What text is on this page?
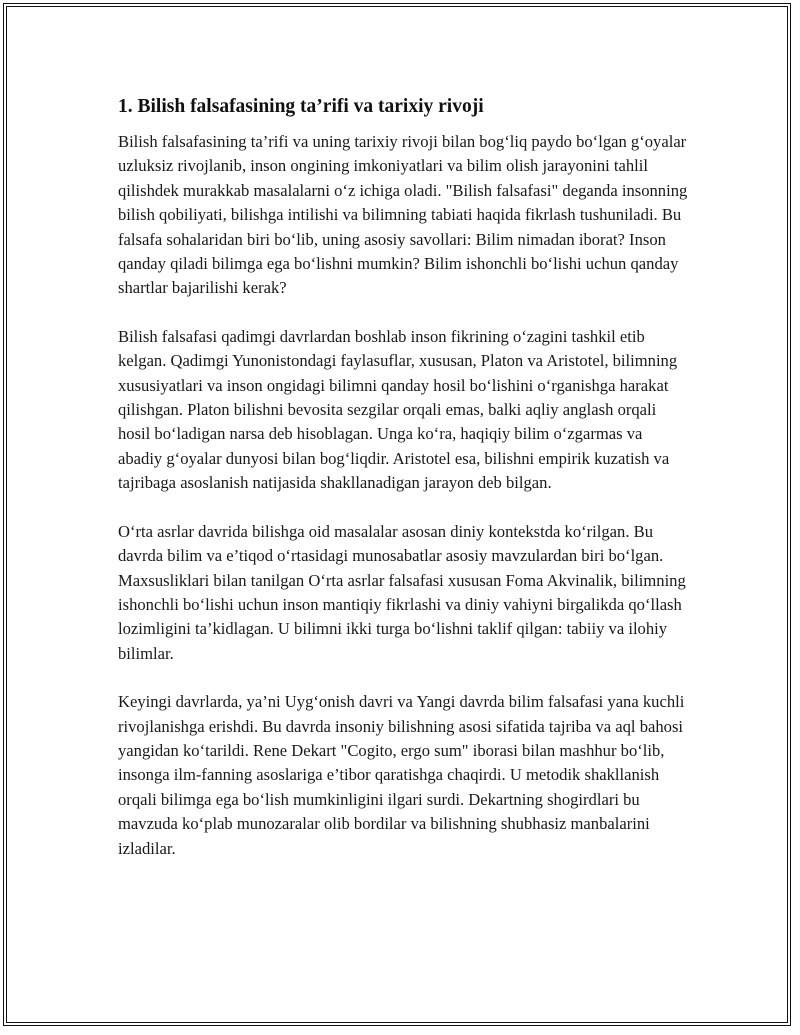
1. Bilish falsafasining ta’rifi va tarixiy rivoji

Bilish falsafasining ta’rifi va uning tarixiy rivoji bilan bog‘liq paydo bo‘lgan g‘oyalar uzluksiz rivojlanib, inson ongining imkoniyatlari va bilim olish jarayonini tahlil qilishdek murakkab masalalarni o‘z ichiga oladi. "Bilish falsafasi" deganda insonning bilish qobiliyati, bilishga intilishi va bilimning tabiati haqida fikrlash tushuniladi. Bu falsafa sohalaridan biri bo‘lib, uning asosiy savollari: Bilim nimadan iborat? Inson qanday qiladi bilimga ega bo‘lishni mumkin? Bilim ishonchli bo‘lishi uchun qanday shartlar bajarilishi kerak?

Bilish falsafasi qadimgi davrlardan boshlab inson fikrining o‘zagini tashkil etib kelgan. Qadimgi Yunonistondagi faylasuflar, xususan, Platon va Aristotel, bilimning xususiyatlari va inson ongidagi bilimni qanday hosil bo‘lishini o‘rganishga harakat qilishgan. Platon bilishni bevosita sezgilar orqali emas, balki aqliy anglash orqali hosil bo‘ladigan narsa deb hisoblagan. Unga ko‘ra, haqiqiy bilim o‘zgarmas va abadiy g‘oyalar dunyosi bilan bog‘liqdir. Aristotel esa, bilishni empirik kuzatish va tajribaga asoslanish natijasida shakllanadigan jarayon deb bilgan.

O‘rta asrlar davrida bilishga oid masalalar asosan diniy kontekstda ko‘rilgan. Bu davrda bilim va e’tiqod o‘rtasidagi munosabatlar asosiy mavzulardan biri bo‘lgan. Maxsusliklari bilan tanilgan O‘rta asrlar falsafasi xususan Foma Akvinalik, bilimning ishonchli bo‘lishi uchun inson mantiqiy fikrlashi va diniy vahiyni birgalikda qo‘llash lozimligini ta’kidlagan. U bilimni ikki turga bo‘lishni taklif qilgan: tabiiy va ilohiy bilimlar.

Keyingi davrlarda, ya’ni Uyg‘onish davri va Yangi davrda bilim falsafasi yana kuchli rivojlanishga erishdi. Bu davrda insoniy bilishning asosi sifatida tajriba va aql bahosi yangidan ko‘tarildi. Rene Dekart "Cogito, ergo sum" iborasi bilan mashhur bo‘lib, insonga ilm-fanning asoslariga e’tibor qaratishga chaqirdi. U metodik shakllanish orqali bilimga ega bo‘lish mumkinligini ilgari surdi. Dekartning shogirdlari bu mavzuda ko‘plab munozaralar olib bordilar va bilishning shubhasiz manbalarini izladilar.
